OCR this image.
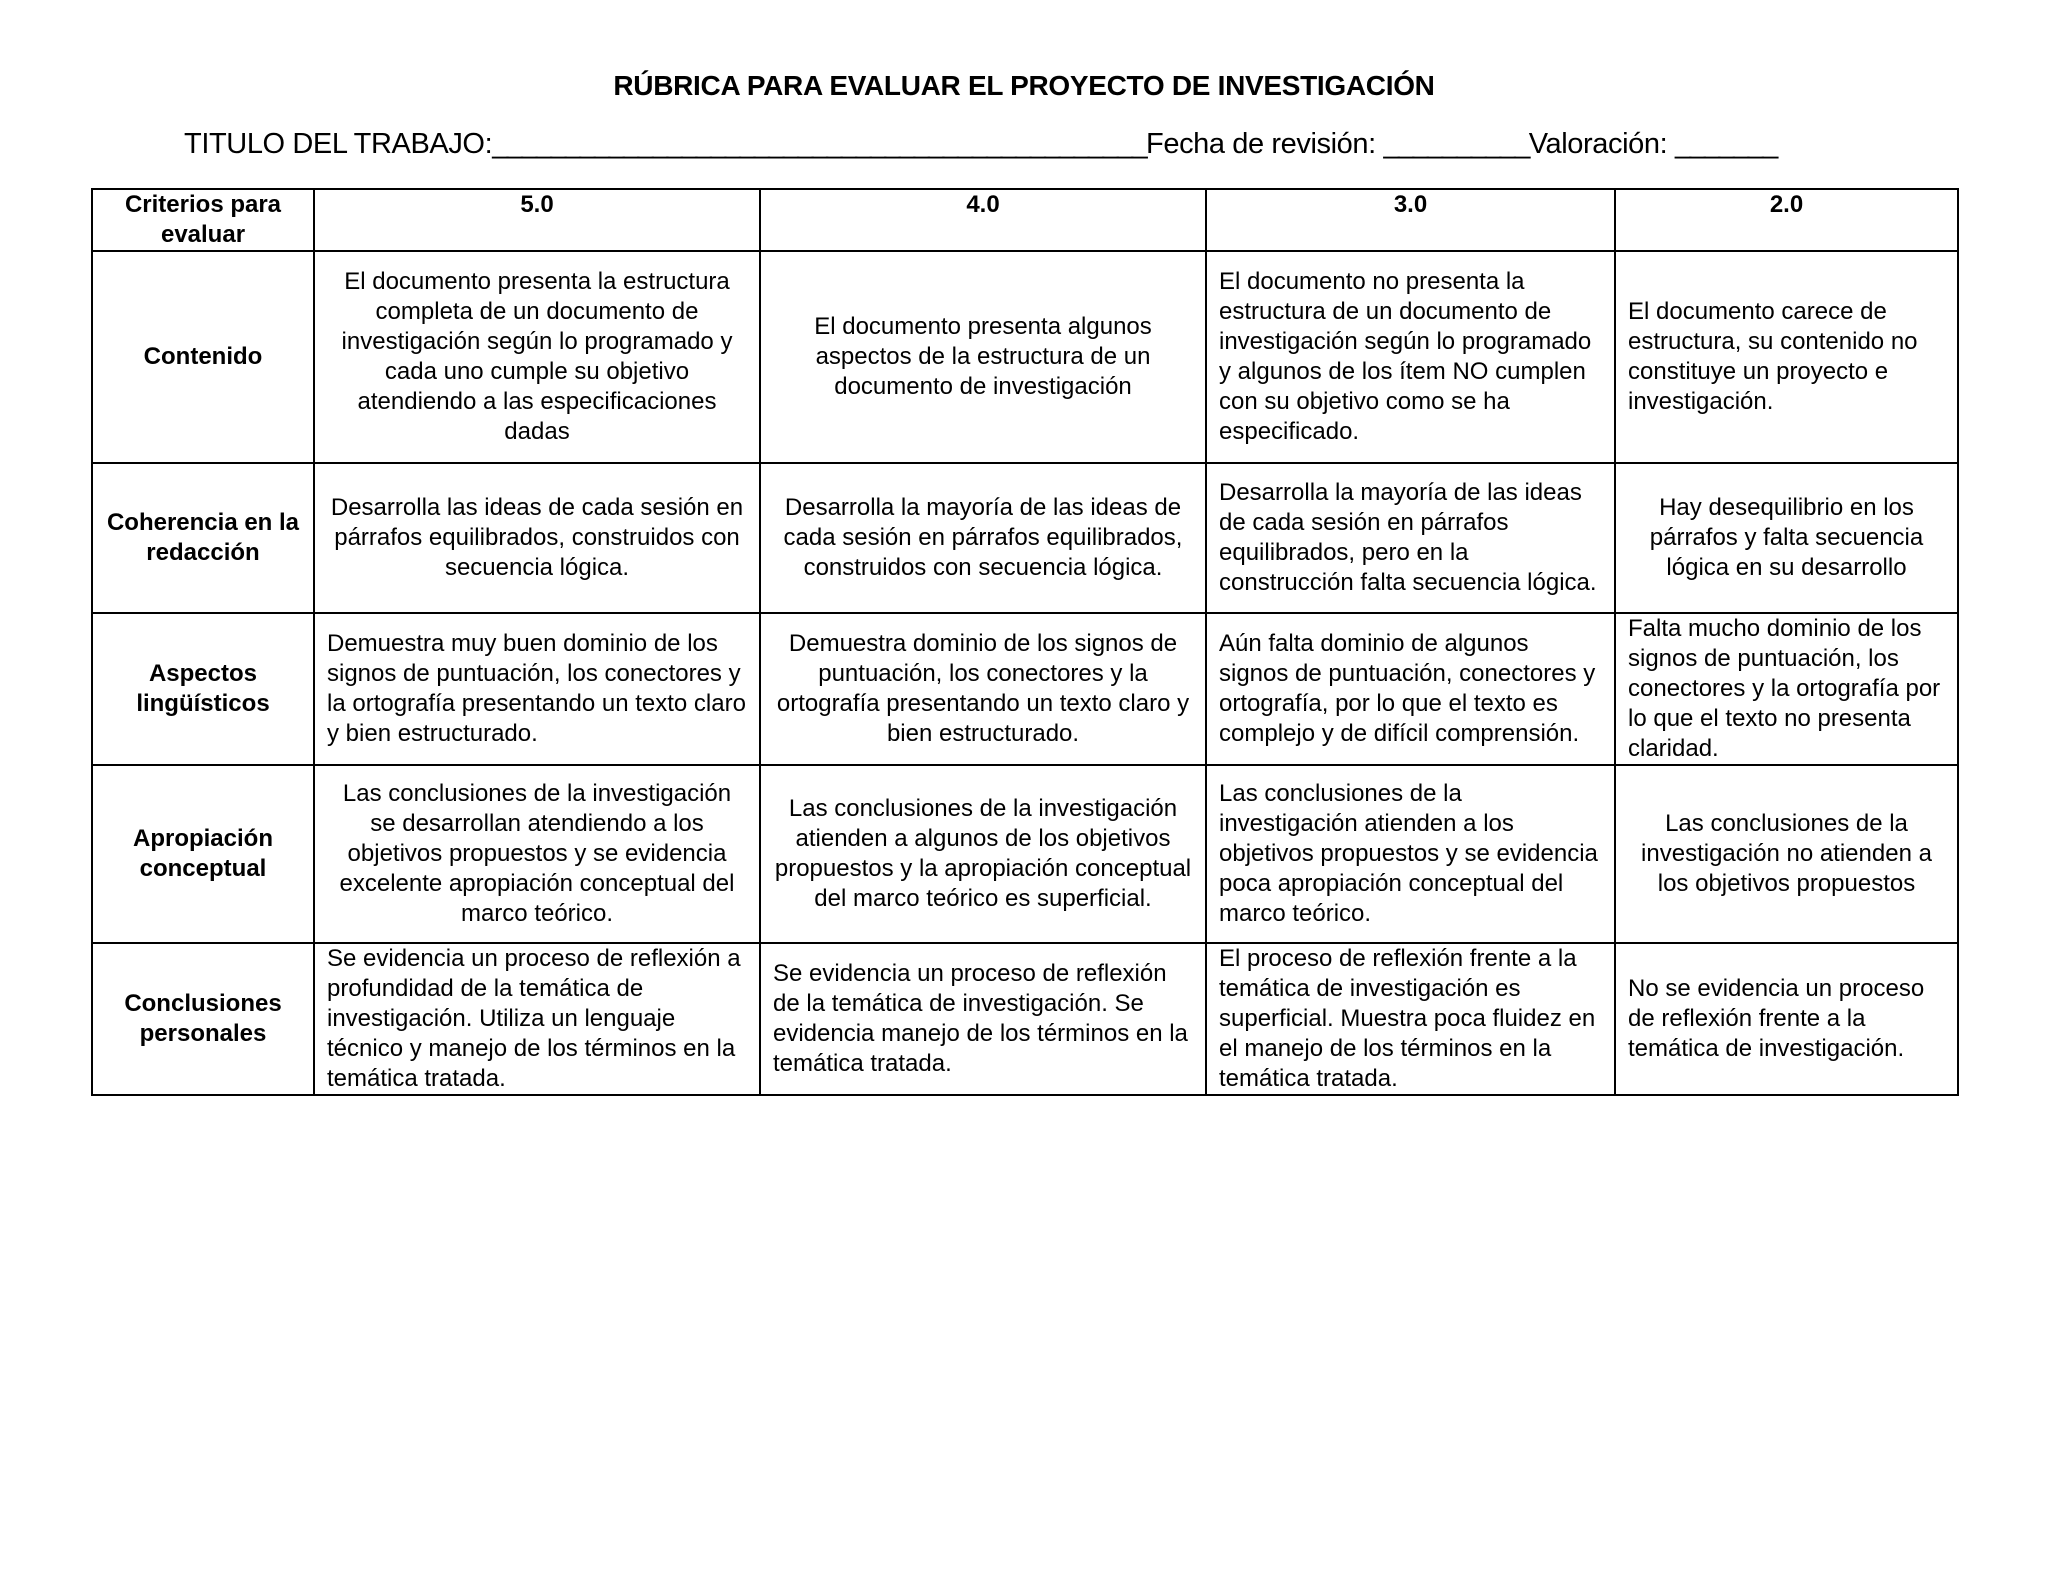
RÚBRICA PARA EVALUAR EL PROYECTO DE INVESTIGACIÓN
TITULO DEL TRABAJO:_____________________________________________Fecha de revisión: __________Valoración: _______
Criterios para evaluar	5.0	4.0	3.0	2.0
Contenido	El documento presenta la estructura completa de un documento de investigación según lo programado y cada uno cumple su objetivo atendiendo a las especificaciones dadas	El documento presenta algunos aspectos de la estructura de un documento de investigación	El documento no presenta la estructura de un documento de investigación según lo programado y algunos de los ítem NO cumplen con su objetivo como se ha especificado.	El documento carece de estructura, su contenido no constituye un proyecto e investigación.
Coherencia en la redacción	Desarrolla las ideas de cada sesión en párrafos equilibrados, construidos con secuencia lógica.	Desarrolla la mayoría de las ideas de cada sesión en párrafos equilibrados, construidos con secuencia lógica.	Desarrolla la mayoría de las ideas de cada sesión en párrafos equilibrados, pero en la construcción falta secuencia lógica.	Hay desequilibrio en los párrafos y falta secuencia lógica en su desarrollo
Aspectos lingüísticos	Demuestra muy buen dominio de los signos de puntuación, los conectores y la ortografía presentando un texto claro y bien estructurado.	Demuestra dominio de los signos de puntuación, los conectores y la ortografía presentando un texto claro y bien estructurado.	Aún falta dominio de algunos signos de puntuación, conectores y ortografía, por lo que el texto es complejo y de difícil comprensión.	Falta mucho dominio de los signos de puntuación, los conectores y la ortografía por lo que el texto no presenta claridad.
Apropiación conceptual	Las conclusiones de la investigación se desarrollan atendiendo a los objetivos propuestos y se evidencia excelente apropiación conceptual del marco teórico.	Las conclusiones de la investigación atienden a algunos de los objetivos propuestos y la apropiación conceptual del marco teórico es superficial.	Las conclusiones de la investigación atienden a los objetivos propuestos y se evidencia poca apropiación conceptual del marco teórico.	Las conclusiones de la investigación no atienden a los objetivos propuestos
Conclusiones personales	Se evidencia un proceso de reflexión a profundidad de la temática de investigación. Utiliza un lenguaje técnico y manejo de los términos en la temática tratada.	Se evidencia un proceso de reflexión de la temática de investigación. Se evidencia manejo de los términos en la temática tratada.	El proceso de reflexión frente a la temática de investigación es superficial. Muestra poca fluidez en el manejo de los términos en la temática tratada.	No se evidencia un proceso de reflexión frente a la temática de investigación.
